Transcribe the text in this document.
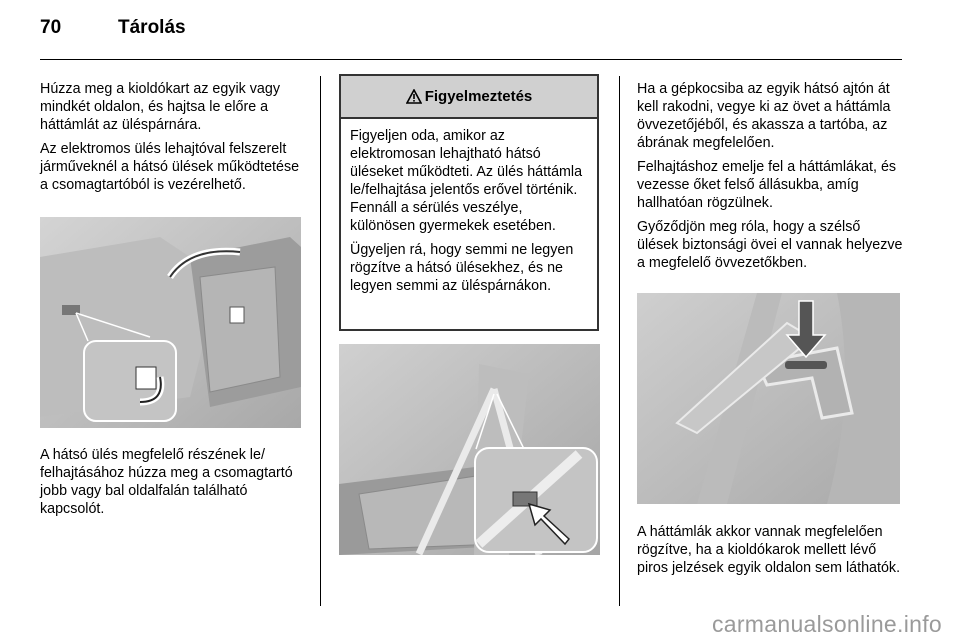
70	Tárolás

Húzza meg a kioldókart az egyik vagy mindkét oldalon, és hajtsa le előre a háttámlát az üléspárnára.

Az elektromos ülés lehajtóval felszerelt járműveknél a hátsó ülések működtetése a csomagtartóból is vezérelhető.

A hátsó ülés megfelelő részének le/ felhajtásához húzza meg a csomagtartó jobb vagy bal oldalfalán található kapcsolót.

Figyelmeztetés

Figyeljen oda, amikor az elektromosan lehajtható hátsó üléseket működteti. Az ülés háttámla le/felhajtása jelentős erővel történik. Fennáll a sérülés veszélye, különösen gyermekek esetében.

Ügyeljen rá, hogy semmi ne legyen rögzítve a hátsó ülésekhez, és ne legyen semmi az üléspárnákon.

Ha a gépkocsiba az egyik hátsó ajtón át kell rakodni, vegye ki az övet a háttámla övvezetőjéből, és akassza a tartóba, az ábrának megfelelően.

Felhajtáshoz emelje fel a háttámlákat, és vezesse őket felső állásukba, amíg hallhatóan rögzülnek.

Győződjön meg róla, hogy a szélső ülések biztonsági övei el vannak helyezve a megfelelő övvezetőkben.

A háttámlák akkor vannak megfelelően rögzítve, ha a kioldókarok mellett lévő piros jelzések egyik oldalon sem láthatók.

carmanualsonline.info
